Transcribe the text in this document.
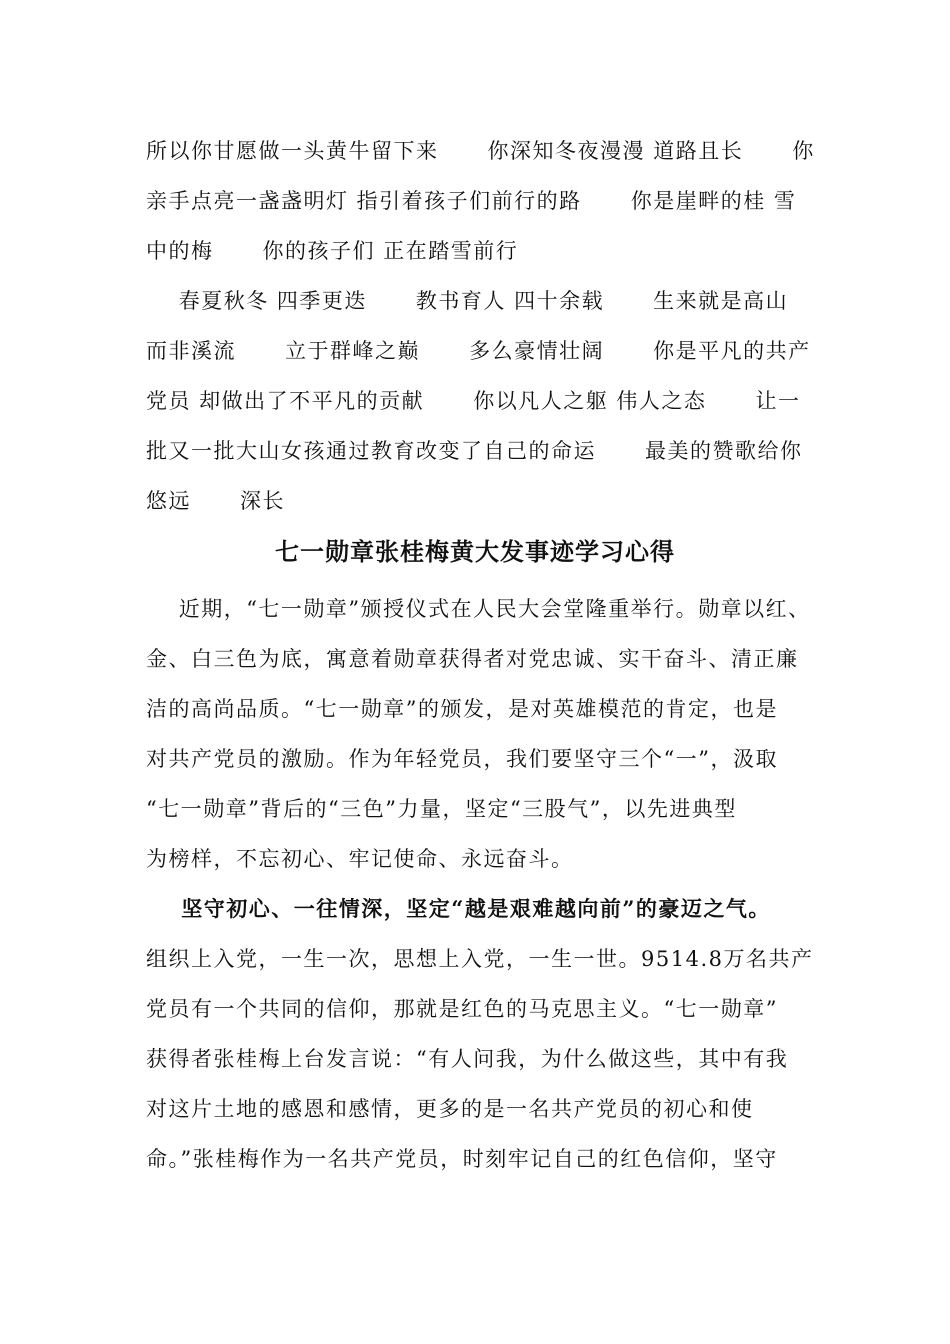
所以你甘愿做一头黄牛留下来      你深知冬夜漫漫 道路且长      你
亲手点亮一盏盏明灯 指引着孩子们前行的路      你是崖畔的桂 雪
中的梅      你的孩子们 正在踏雪前行
春夏秋冬 四季更迭      教书育人 四十余载      生来就是高山
而非溪流      立于群峰之巅      多么豪情壮阔      你是平凡的共产
党员 却做出了不平凡的贡献      你以凡人之躯 伟人之态      让一
批又一批大山女孩通过教育改变了自己的命运      最美的赞歌给你
悠远      深长
七一勋章张桂梅黄大发事迹学习心得
近期，“七一勋章”颁授仪式在人民大会堂隆重举行。勋章以红、
金、白三色为底，寓意着勋章获得者对党忠诚、实干奋斗、清正廉
洁的高尚品质。“七一勋章”的颁发，是对英雄模范的肯定，也是
对共产党员的激励。作为年轻党员，我们要坚守三个“一”，汲取
“七一勋章”背后的“三色”力量，坚定“三股气”，以先进典型
为榜样，不忘初心、牢记使命、永远奋斗。
坚守初心、一往情深，坚定“越是艰难越向前”的豪迈之气。
组织上入党，一生一次，思想上入党，一生一世。9514.8万名共产
党员有一个共同的信仰，那就是红色的马克思主义。“七一勋章”
获得者张桂梅上台发言说：“有人问我，为什么做这些，其中有我
对这片土地的感恩和感情，更多的是一名共产党员的初心和使
命。”张桂梅作为一名共产党员，时刻牢记自己的红色信仰，坚守
